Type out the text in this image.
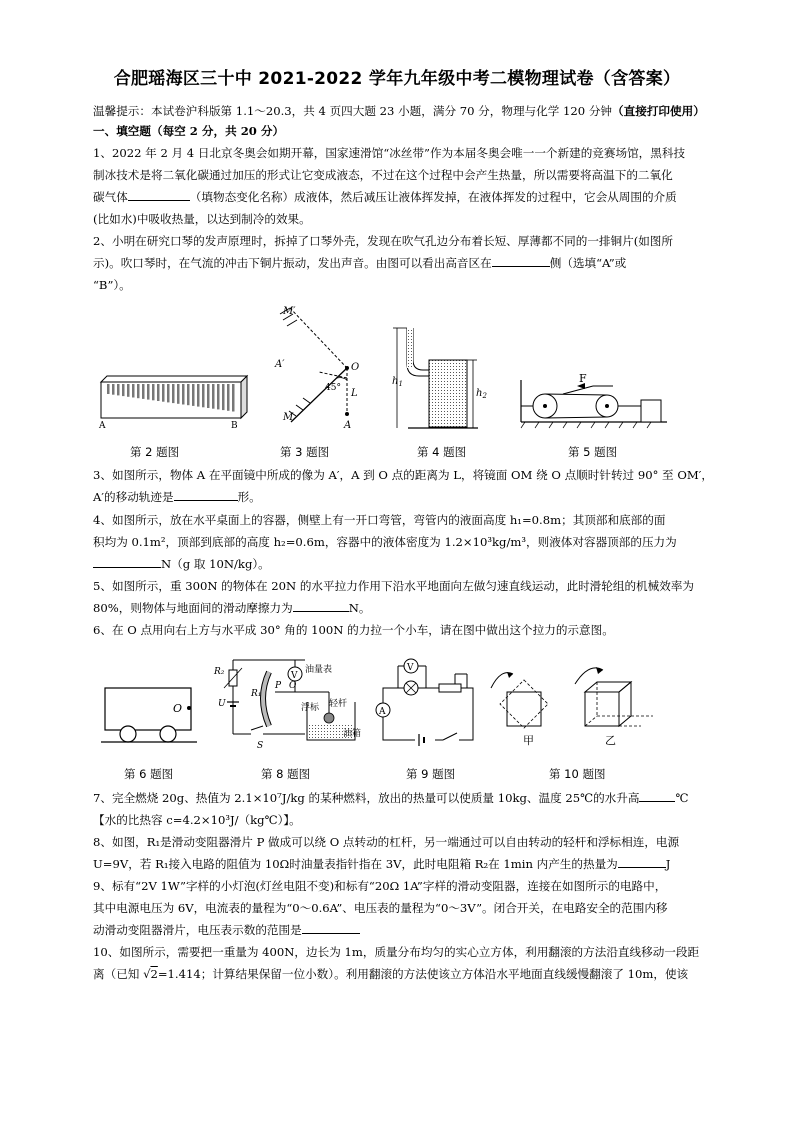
合肥瑶海区三十中 2021-2022 学年九年级中考二模物理试卷（含答案）
温馨提示：本试卷沪科版第 1.1～20.3，共 4 页四大题 23 小题，满分 70 分，物理与化学 120 分钟（直接打印使用）
一、填空题（每空 2 分，共 20 分）
1、2022 年 2 月 4 日北京冬奥会如期开幕，国家速滑馆“冰丝带”作为本届冬奥会唯一一个新建的竞赛场馆，黑科技
制冰技术是将二氧化碳通过加压的形式让它变成液态，不过在这个过程中会产生热量，所以需要将高温下的二氧化
碳气体	（填物态变化名称）成液体，然后减压让液体挥发掉，在液体挥发的过程中，它会从周围的介质
(比如水)中吸收热量，以达到制冷的效果。
2、小明在研究口琴的发声原理时，拆掉了口琴外壳，发现在吹气孔边分布着长短、厚薄都不同的一排铜片(如图所
示)。吹口琴时，在气流的冲击下铜片振动，发出声音。由图可以看出高音区在	侧（选填“A”或
“B”）。
A	B
M′
A′	O
L
45°
M
A
$h_1$
$h_2$
F
第 2 题图	第 3 题图	第 4 题图	第 5 题图
3、如图所示，物体 A 在平面镜中所成的像为 A′，A 到 O 点的距离为 L，将镜面 OM 绕 O 点顺时针转过 90° 至 OM′，
A′的移动轨迹是	形。
4、如图所示，放在水平桌面上的容器，侧壁上有一开口弯管，弯管内的液面高度 h₁=0.8m；其顶部和底部的面
积均为 0.1m²，顶部到底部的高度 h₂=0.6m，容器中的液体密度为 1.2×10³kg/m³，则液体对容器顶部的压力为
N（g 取 10N/kg）。
5、如图所示，重 300N 的物体在 20N 的水平拉力作用下沿水平地面向左做匀速直线运动，此时滑轮组的机械效率为
80%，则物体与地面间的滑动摩擦力为	N。
6、在 O 点用向右上方与水平成 30° 角的 100N 的力拉一个小车，请在图中做出这个拉力的示意图。
O
V
R₂
U
R₁
P O
油量表
浮标 轻杆
油箱
S
V
A
甲	乙
第 6 题图	第 8 题图	第 9 题图	第 10 题图
7、完全燃烧 20g、热值为 2.1×10⁷J/kg 的某种燃料，放出的热量可以使质量 10kg、温度 25℃的水升高	℃
【水的比热容 c=4.2×10³J/（kg℃）】。
8、如图，R₁是滑动变阻器滑片 P 做成可以绕 O 点转动的杠杆，另一端通过可以自由转动的轻杆和浮标相连，电源
U=9V，若 R₁接入电路的阻值为 10Ω时油量表指针指在 3V，此时电阻箱 R₂在 1min 内产生的热量为	J
9、标有“2V 1W”字样的小灯泡(灯丝电阻不变)和标有“20Ω 1A”字样的滑动变阻器，连接在如图所示的电路中，
其中电源电压为 6V，电流表的量程为“0～0.6A”、电压表的量程为“0～3V”。闭合开关，在电路安全的范围内移
动滑动变阻器滑片，电压表示数的范围是
10、如图所示，需要把一重量为 400N，边长为 1m，质量分布均匀的实心立方体，利用翻滚的方法沿直线移动一段距
离（已知 √2=1.414；计算结果保留一位小数）。利用翻滚的方法使该立方体沿水平地面直线缓慢翻滚了 10m，使该
